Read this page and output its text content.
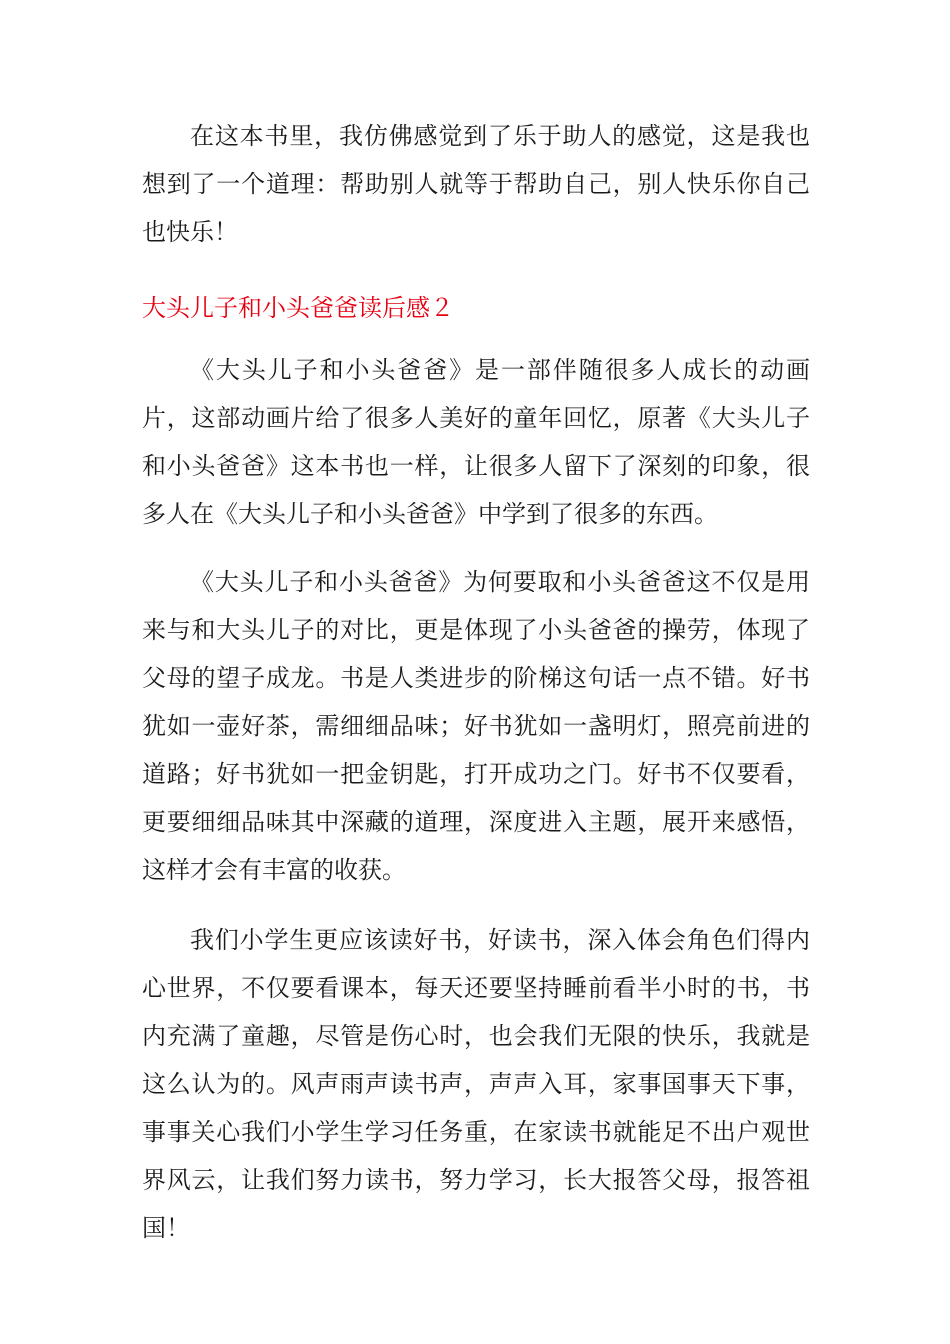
在这本书里，我仿佛感觉到了乐于助人的感觉，这是我也想到了一个道理：帮助别人就等于帮助自己，别人快乐你自己也快乐！

大头儿子和小头爸爸读后感２

《大头儿子和小头爸爸》是一部伴随很多人成长的动画片，这部动画片给了很多人美好的童年回忆，原著《大头儿子和小头爸爸》这本书也一样，让很多人留下了深刻的印象，很多人在《大头儿子和小头爸爸》中学到了很多的东西。

《大头儿子和小头爸爸》为何要取和小头爸爸这不仅是用来与和大头儿子的对比，更是体现了小头爸爸的操劳，体现了父母的望子成龙。书是人类进步的阶梯这句话一点不错。好书犹如一壶好茶，需细细品味；好书犹如一盏明灯，照亮前进的道路；好书犹如一把金钥匙，打开成功之门。好书不仅要看，更要细细品味其中深藏的道理，深度进入主题，展开来感悟，这样才会有丰富的收获。

我们小学生更应该读好书，好读书，深入体会角色们得内心世界，不仅要看课本，每天还要坚持睡前看半小时的书，书内充满了童趣，尽管是伤心时，也会我们无限的快乐，我就是这么认为的。风声雨声读书声，声声入耳，家事国事天下事，事事关心我们小学生学习任务重，在家读书就能足不出户观世界风云，让我们努力读书，努力学习，长大报答父母，报答祖国！
